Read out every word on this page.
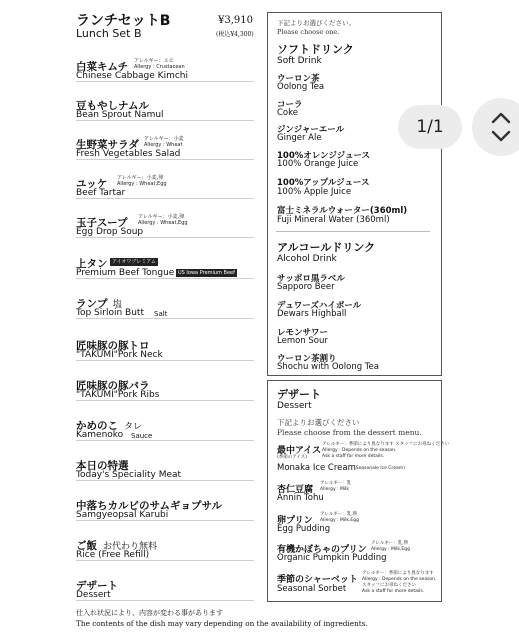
ランチセットB
Lunch Set B
¥3,910
(税込¥4,300)
白菜キムチ アレルギー：エビ
Allergy : Crustacean
Chinese Cabbage Kimchi
豆もやしナムル
Bean Sprout Namul
生野菜サラダ アレルギー：小麦
Allergy : Wheat
Fresh Vegetables Salad
ユッケ アレルギー：小麦,卵
Allergy : Wheat,Egg
Beef Tartar
玉子スープ アレルギー：小麦,卵
Allergy : Wheat,Egg
Egg Drop Soup
上タン アイオワプレミアム
Premium Beef Tongue US Iowa Premium Beef
ランプ 塩
Top Sirloin Butt Salt
匠味豚の豚トロ
"TAKUMI"Pork Neck
匠味豚の豚バラ
"TAKUMI"Pork Ribs
かめのこ タレ
Kamenoko Sauce
本日の特選
Today's Speciality Meat
中落ちカルビのサムギョプサル
Samgyeopsal Karubi
ご飯 お代わり無料
Rice (Free Refill)
デザート
Dessert
下記よりお選びください。
Please choose one.
ソフトドリンク
Soft Drink
ウーロン茶
Oolong Tea
コーラ
Coke
ジンジャーエール
Ginger Ale
100%オレンジジュース
100% Orange Juice
100%アップルジュース
100% Apple Juice
富士ミネラルウォーター(360ml)
Fuji Mineral Water (360ml)
アルコールドリンク
Alcohol Drink
サッポロ黒ラベル
Sapporo Beer
デュワーズハイボール
Dewars Highball
レモンサワー
Lemon Sour
ウーロン茶割り
Shochu with Oolong Tea
デザート
Dessert
下記よりお選びください
Please choose from the dessert menu.
最中アイス
(季節のアイス)
アレルギー：季節により異なります スタッフにお尋ねください
Allergy : Depends on the season.
Ask a staff for more details.
Monaka Ice Cream
(Seasonale Ice Cream)
杏仁豆腐
アレルギー：乳
Allergy : Milk
Annin Tohu
卵プリン
アレルギー：乳,卵
Allergy : Milk,Egg
Egg Pudding
有機かぼちゃのプリン
アレルギー：乳,卵
Allergy : Milk,Egg
Organic Pumpkin Pudding
季節のシャーベット
アレルギー：季節により異なります
Allergy : Depends on the season.
スタッフにお尋ねください
Ask a staff for more details.
Seasonal Sorbet
仕入れ状況により、内容が変わる事があります
The contents of the dish may vary depending on the availability of ingredients.
1/1
